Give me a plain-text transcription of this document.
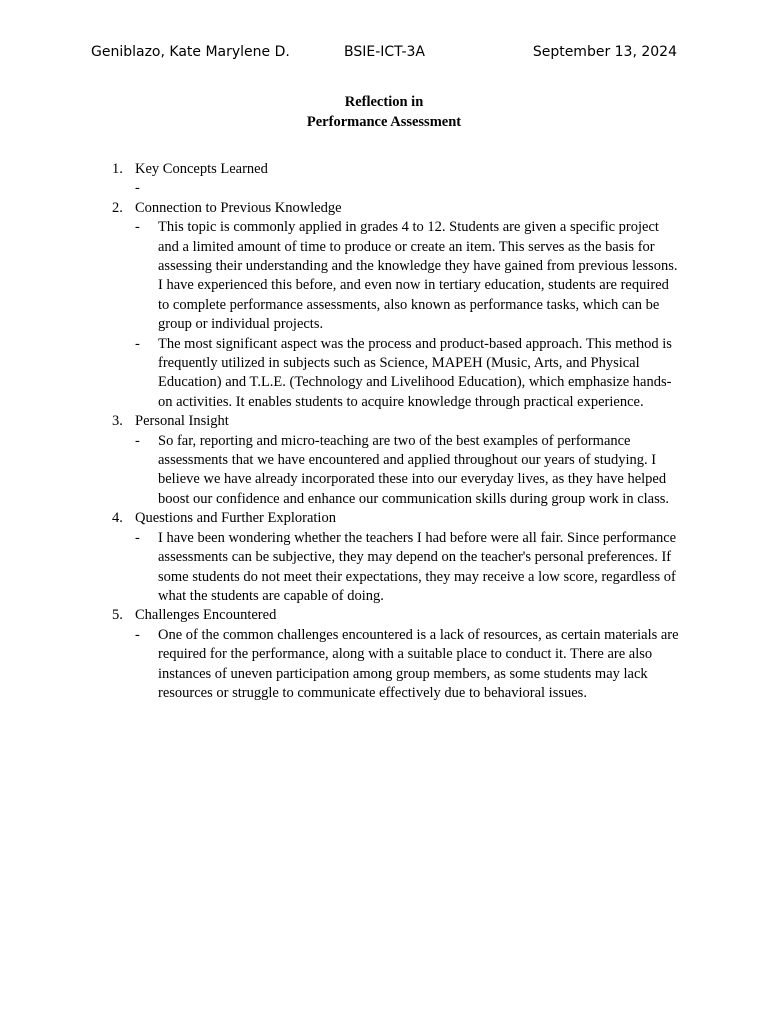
Geniblazo, Kate Marylene D.	BSIE-ICT-3A	September 13, 2024
Reflection in
Performance Assessment
1. Key Concepts Learned
-
2. Connection to Previous Knowledge
- This topic is commonly applied in grades 4 to 12. Students are given a specific project and a limited amount of time to produce or create an item. This serves as the basis for assessing their understanding and the knowledge they have gained from previous lessons. I have experienced this before, and even now in tertiary education, students are required to complete performance assessments, also known as performance tasks, which can be group or individual projects.
- The most significant aspect was the process and product-based approach. This method is frequently utilized in subjects such as Science, MAPEH (Music, Arts, and Physical Education) and T.L.E. (Technology and Livelihood Education), which emphasize hands-on activities. It enables students to acquire knowledge through practical experience.
3. Personal Insight
- So far, reporting and micro-teaching are two of the best examples of performance assessments that we have encountered and applied throughout our years of studying. I believe we have already incorporated these into our everyday lives, as they have helped boost our confidence and enhance our communication skills during group work in class.
4. Questions and Further Exploration
- I have been wondering whether the teachers I had before were all fair. Since performance assessments can be subjective, they may depend on the teacher's personal preferences. If some students do not meet their expectations, they may receive a low score, regardless of what the students are capable of doing.
5. Challenges Encountered
- One of the common challenges encountered is a lack of resources, as certain materials are required for the performance, along with a suitable place to conduct it. There are also instances of uneven participation among group members, as some students may lack resources or struggle to communicate effectively due to behavioral issues.
